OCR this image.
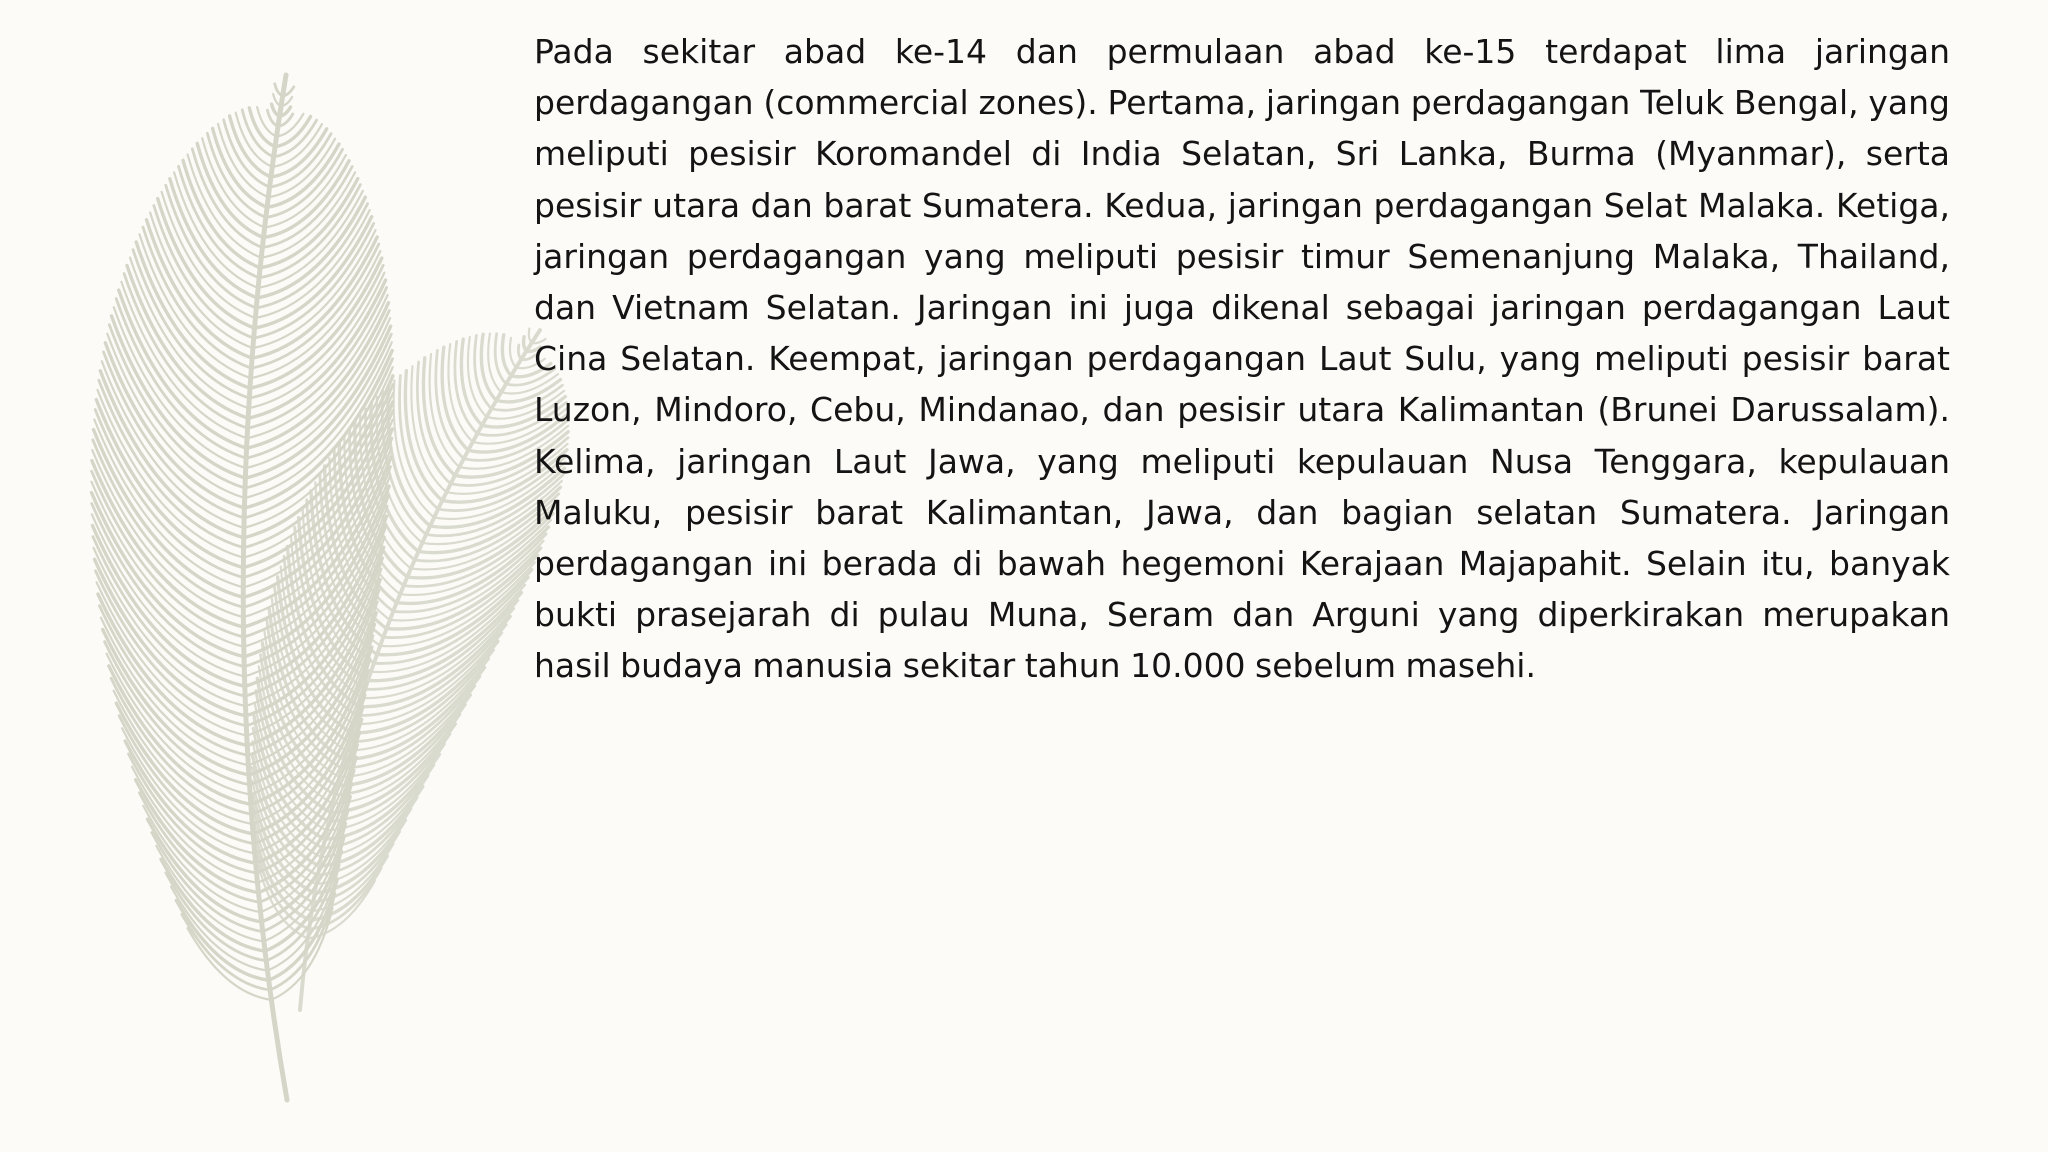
Pada sekitar abad ke-14 dan permulaan abad ke-15 terdapat lima jaringan perdagangan (commercial zones). Pertama, jaringan perdagangan Teluk Bengal, yang meliputi pesisir Koromandel di India Selatan, Sri Lanka, Burma (Myanmar), serta pesisir utara dan barat Sumatera. Kedua, jaringan perdagangan Selat Malaka. Ketiga, jaringan perdagangan yang meliputi pesisir timur Semenanjung Malaka, Thailand, dan Vietnam Selatan. Jaringan ini juga dikenal sebagai jaringan perdagangan Laut Cina Selatan. Keempat, jaringan perdagangan Laut Sulu, yang meliputi pesisir barat Luzon, Mindoro, Cebu, Mindanao, dan pesisir utara Kalimantan (Brunei Darussalam). Kelima, jaringan Laut Jawa, yang meliputi kepulauan Nusa Tenggara, kepulauan Maluku, pesisir barat Kalimantan, Jawa, dan bagian selatan Sumatera. Jaringan perdagangan ini berada di bawah hegemoni Kerajaan Majapahit. Selain itu, banyak bukti prasejarah di pulau Muna, Seram dan Arguni yang diperkirakan merupakan hasil budaya manusia sekitar tahun 10.000 sebelum masehi.
